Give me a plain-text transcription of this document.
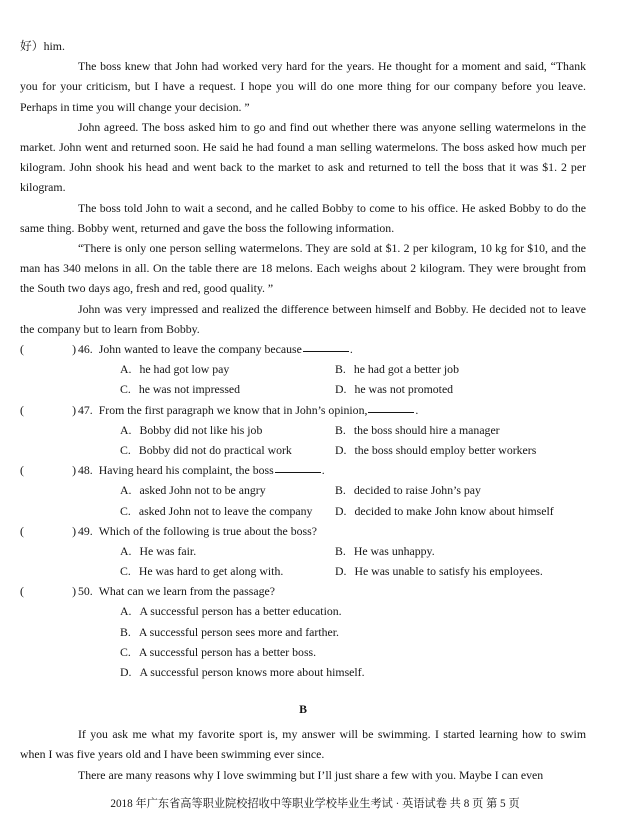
好）him.

The boss knew that John had worked very hard for the years. He thought for a moment and said, “Thank you for your criticism, but I have a request. I hope you will do one more thing for our company before you leave. Perhaps in time you will change your decision. ”

John agreed. The boss asked him to go and find out whether there was anyone selling watermelons in the market. John went and returned soon. He said he had found a man selling watermelons. The boss asked how much per kilogram. John shook his head and went back to the market to ask and returned to tell the boss that it was $1. 2 per kilogram.

The boss told John to wait a second, and he called Bobby to come to his office. He asked Bobby to do the same thing. Bobby went, returned and gave the boss the following information.

“There is only one person selling watermelons. They are sold at $1. 2 per kilogram, 10 kg for $10, and the man has 340 melons in all. On the table there are 18 melons. Each weighs about 2 kilogram. They were brought from the South two days ago, fresh and red, good quality. ”

John was very impressed and realized the difference between himself and Bobby. He decided not to leave the company but to learn from Bobby.

(	) 46. John wanted to leave the company because	.
A. he had got low pay	B. he had got a better job
C. he was not impressed	D. he was not promoted
(	) 47. From the first paragraph we know that in John’s opinion,	.
A. Bobby did not like his job	B. the boss should hire a manager
C. Bobby did not do practical work	D. the boss should employ better workers
(	) 48. Having heard his complaint, the boss	.
A. asked John not to be angry	B. decided to raise John’s pay
C. asked John not to leave the company	D. decided to make John know about himself
(	) 49. Which of the following is true about the boss?
A. He was fair.	B. He was unhappy.
C. He was hard to get along with.	D. He was unable to satisfy his employees.
(	) 50. What can we learn from the passage?
A. A successful person has a better education.
B. A successful person sees more and farther.
C. A successful person has a better boss.
D. A successful person knows more about himself.
B

If you ask me what my favorite sport is, my answer will be swimming. I started learning how to swim when I was five years old and I have been swimming ever since.

There are many reasons why I love swimming but I’ll just share a few with you. Maybe I can even

2018 年广东省高等职业院校招收中等职业学校毕业生考试 · 英语试卷 共 8 页 第 5 页
